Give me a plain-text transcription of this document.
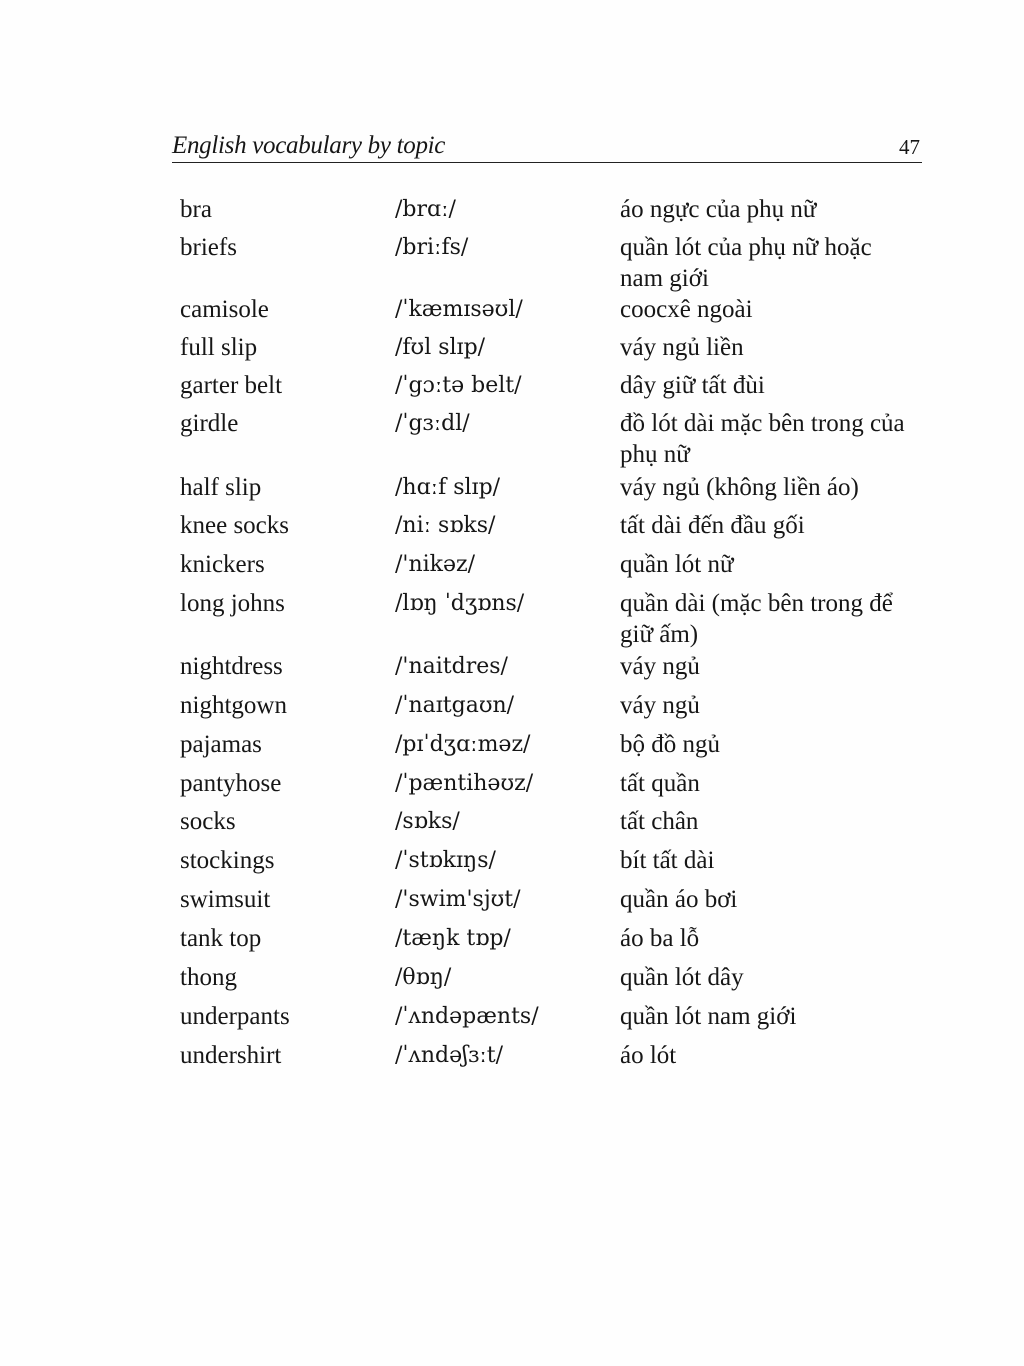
English vocabulary by topic	47
bra	/brɑː/	áo ngực của phụ nữ
briefs	/briːfs/	quần lót của phụ nữ hoặc nam giới
camisole	/ˈkæmɪsəʊl/	coocxê ngoài
full slip	/fʊl slɪp/	váy ngủ liền
garter belt	/ˈgɔːtə belt/	dây giữ tất đùi
girdle	/ˈgɜːdl/	đồ lót dài mặc bên trong của phụ nữ
half slip	/hɑːf slɪp/	váy ngủ (không liền áo)
knee socks	/niː sɒks/	tất dài đến đầu gối
knickers	/'nikəz/	quần lót nữ
long johns	/lɒŋ ˈdʒɒns/	quần dài (mặc bên trong để giữ ấm)
nightdress	/'naitdres/	váy ngủ
nightgown	/ˈnaɪtgaʊn/	váy ngủ
pajamas	/pɪˈdʒɑːməz/	bộ đồ ngủ
pantyhose	/ˈpæntihəʊz/	tất quần
socks	/sɒks/	tất chân
stockings	/ˈstɒkɪŋs/	bít tất dài
swimsuit	/'swim'sjʊt/	quần áo bơi
tank top	/tæŋk tɒp/	áo ba lỗ
thong	/θɒŋ/	quần lót dây
underpants	/ˈʌndəpænts/	quần lót nam giới
undershirt	/ˈʌndəʃɜːt/	áo lót
